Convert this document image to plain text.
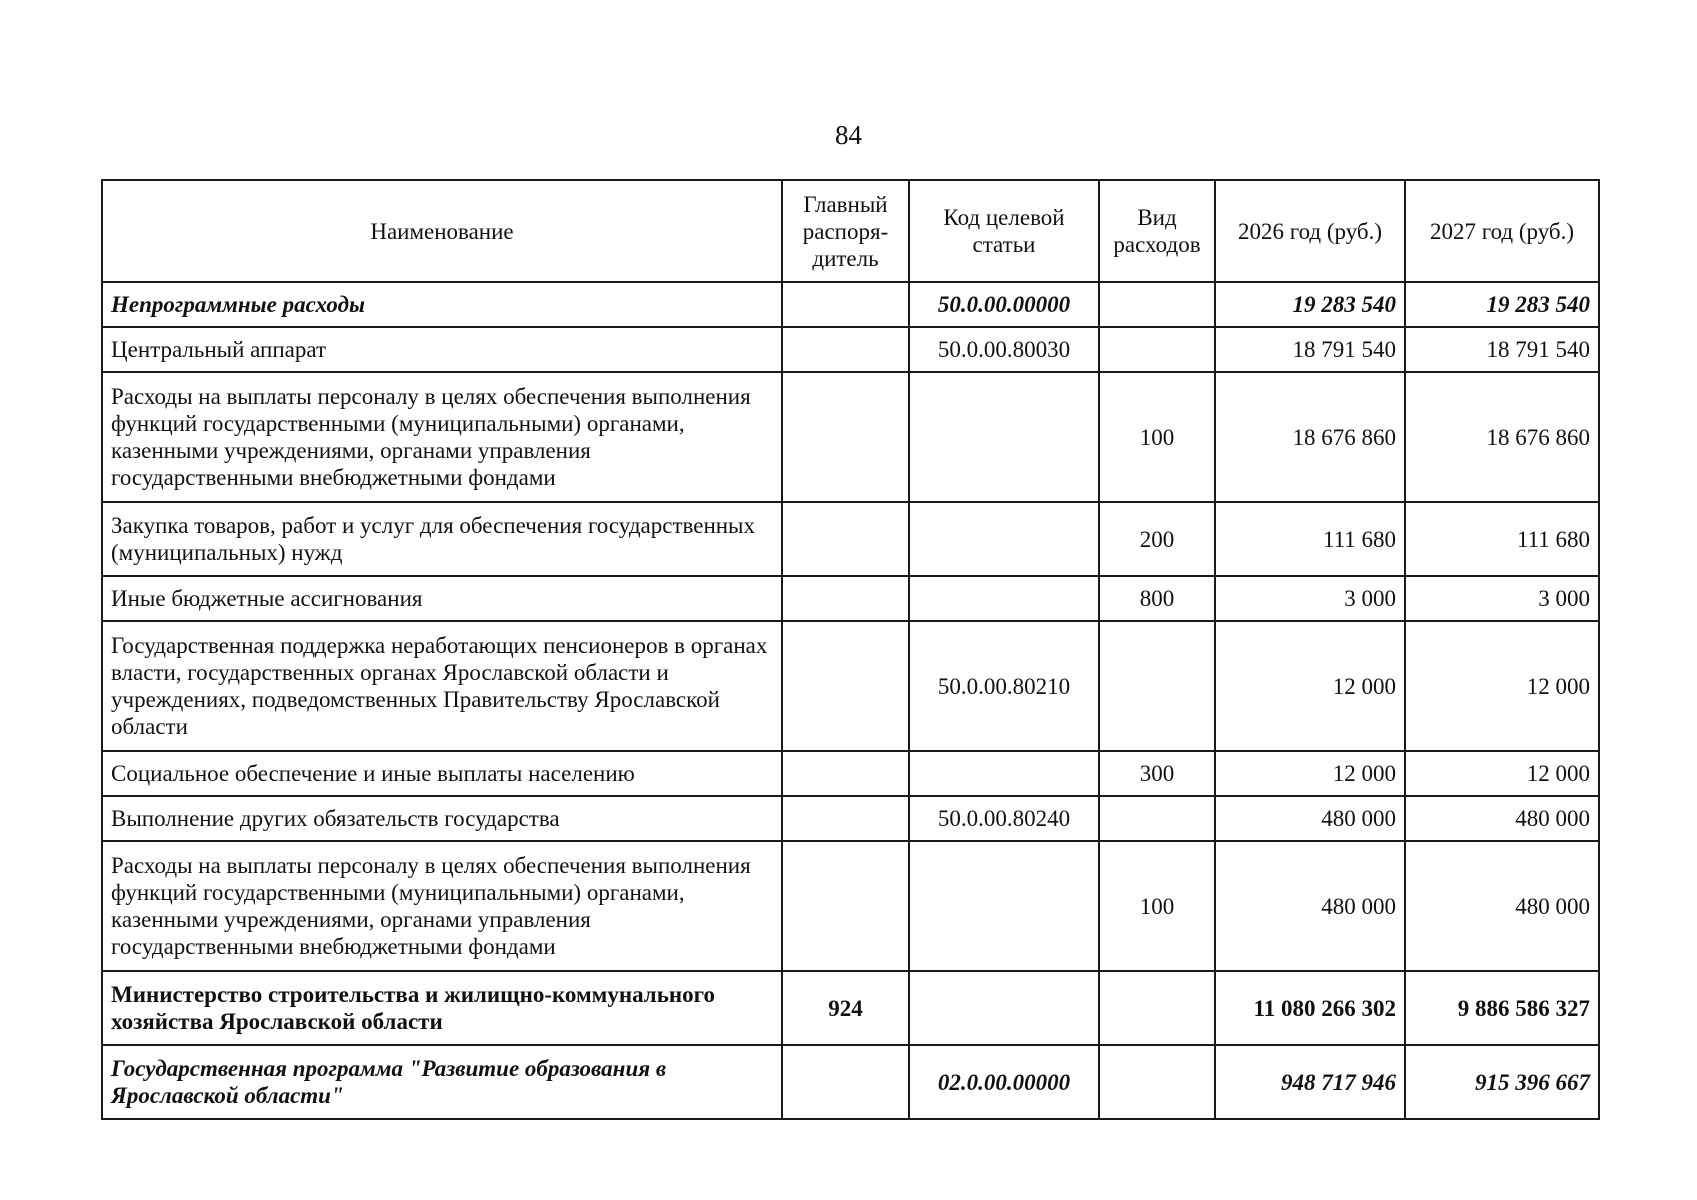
84
Наименование	Главный распоря-дитель	Код целевой статьи	Вид расходов	2026 год (руб.)	2027 год (руб.)
Непрограммные расходы		50.0.00.00000		19 283 540	19 283 540
Центральный аппарат		50.0.00.80030		18 791 540	18 791 540
Расходы на выплаты персоналу в целях обеспечения выполнения функций государственными (муниципальными) органами, казенными учреждениями, органами управления государственными внебюджетными фондами			100	18 676 860	18 676 860
Закупка товаров, работ и услуг для обеспечения государственных (муниципальных) нужд			200	111 680	111 680
Иные бюджетные ассигнования			800	3 000	3 000
Государственная поддержка неработающих пенсионеров в органах власти, государственных органах Ярославской области и учреждениях, подведомственных Правительству Ярославской области		50.0.00.80210		12 000	12 000
Социальное обеспечение и иные выплаты населению			300	12 000	12 000
Выполнение других обязательств государства		50.0.00.80240		480 000	480 000
Расходы на выплаты персоналу в целях обеспечения выполнения функций государственными (муниципальными) органами, казенными учреждениями, органами управления государственными внебюджетными фондами			100	480 000	480 000
Министерство строительства и жилищно-коммунального хозяйства Ярославской области	924			11 080 266 302	9 886 586 327
Государственная программа "Развитие образования в Ярославской области"		02.0.00.00000		948 717 946	915 396 667
